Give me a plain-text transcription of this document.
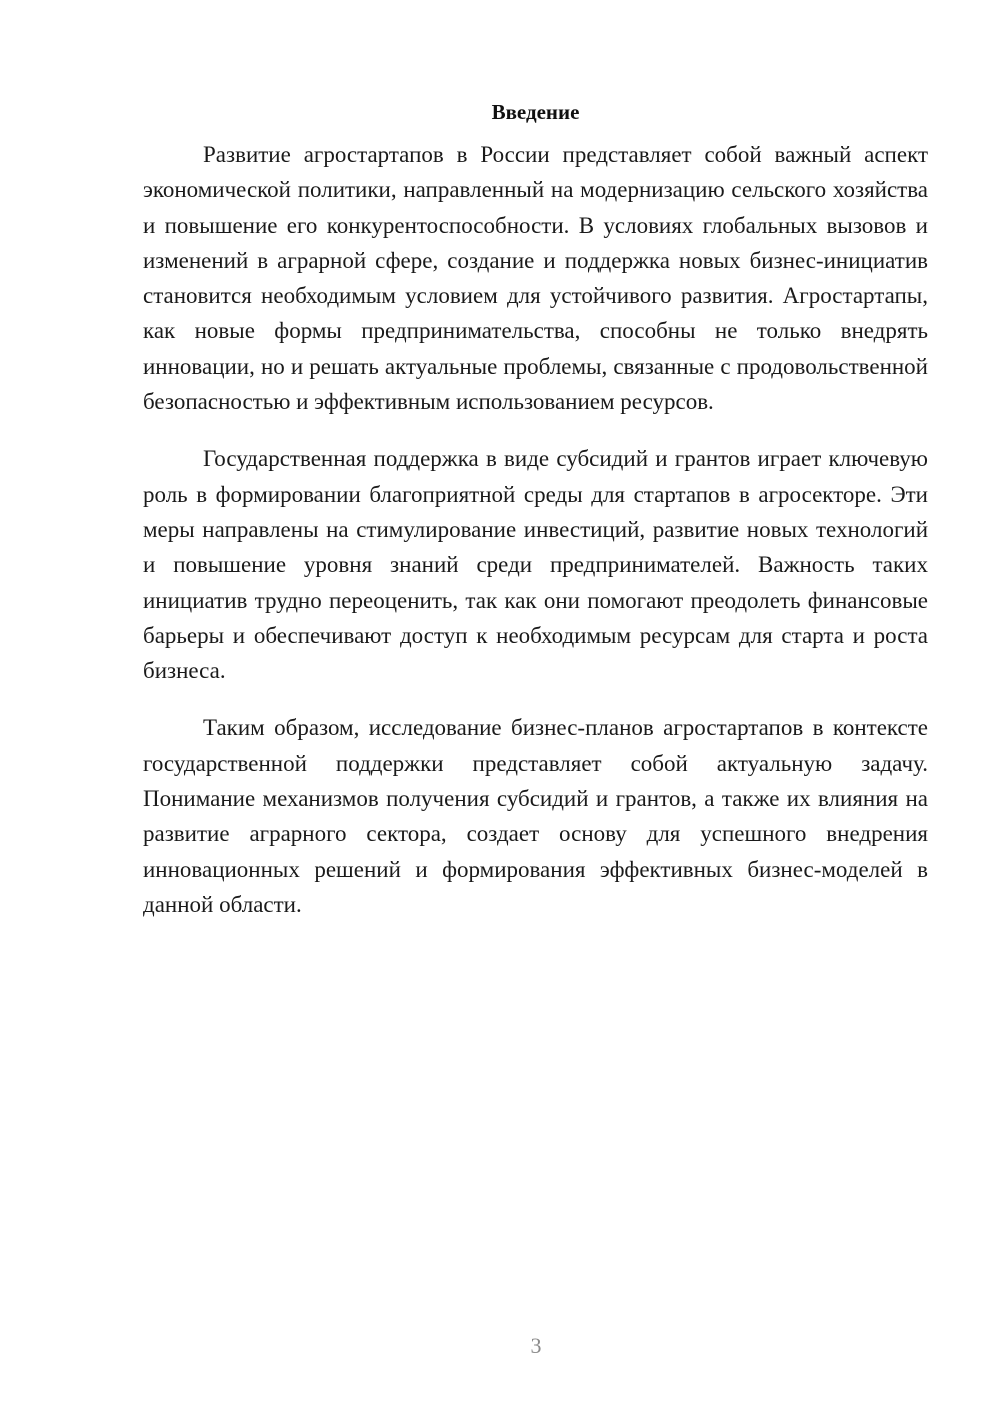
Введение

Развитие агростартапов в России представляет собой важный аспект экономической политики, направленный на модернизацию сельского хозяйства и повышение его конкурентоспособности. В условиях глобальных вызовов и изменений в аграрной сфере, создание и поддержка новых бизнес-инициатив становится необходимым условием для устойчивого развития. Агростартапы, как новые формы предпринимательства, способны не только внедрять инновации, но и решать актуальные проблемы, связанные с продовольственной безопасностью и эффективным использованием ресурсов.

Государственная поддержка в виде субсидий и грантов играет ключевую роль в формировании благоприятной среды для стартапов в агросекторе. Эти меры направлены на стимулирование инвестиций, развитие новых технологий и повышение уровня знаний среди предпринимателей. Важность таких инициатив трудно переоценить, так как они помогают преодолеть финансовые барьеры и обеспечивают доступ к необходимым ресурсам для старта и роста бизнеса.

Таким образом, исследование бизнес-планов агростартапов в контексте государственной поддержки представляет собой актуальную задачу. Понимание механизмов получения субсидий и грантов, а также их влияния на развитие аграрного сектора, создает основу для успешного внедрения инновационных решений и формирования эффективных бизнес-моделей в данной области.

3
